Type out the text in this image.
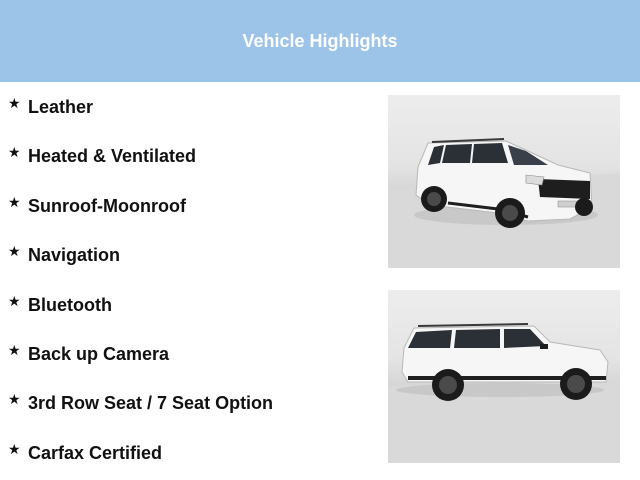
Vehicle Highlights
★ Leather
★ Heated & Ventilated
★ Sunroof-Moonroof
★ Navigation
★ Bluetooth
★ Back up Camera
★ 3rd Row Seat / 7 Seat Option
★ Carfax Certified
